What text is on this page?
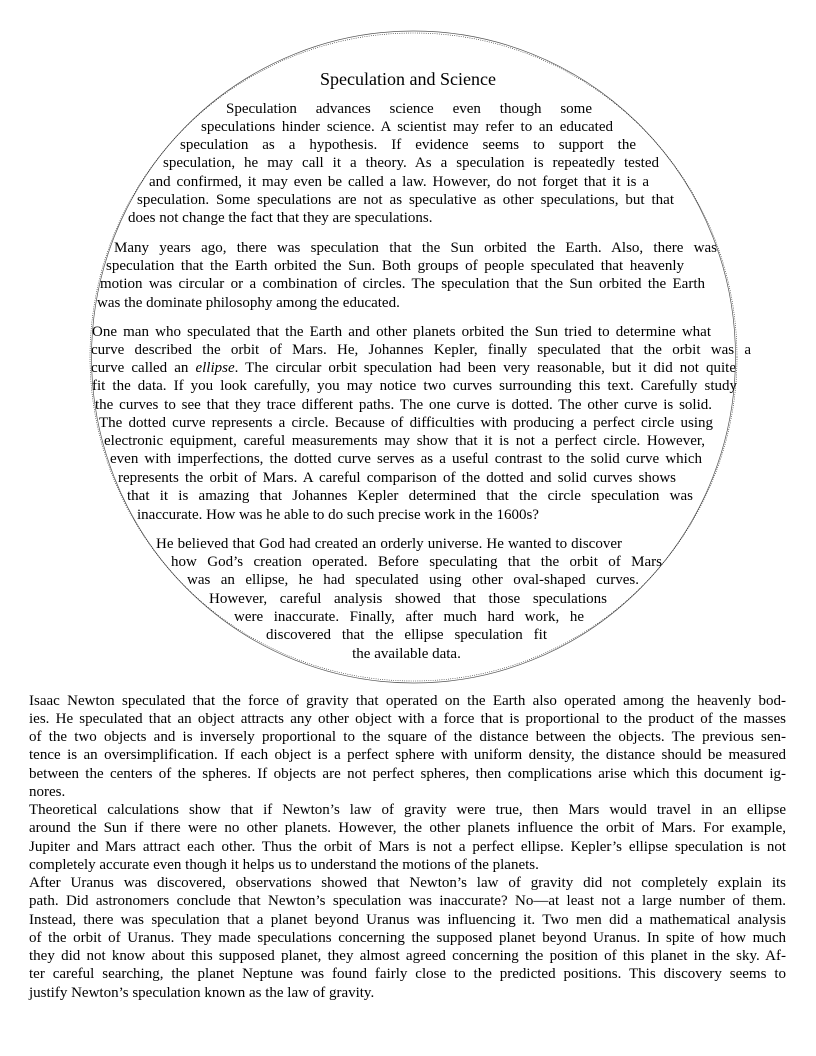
Speculation and Science
Speculation advances science even though some
speculations hinder science. A scientist may refer to an educated
speculation as a hypothesis. If evidence seems to support the
speculation, he may call it a theory. As a speculation is repeatedly tested
and confirmed, it may even be called a law. However, do not forget that it is a
speculation. Some speculations are not as speculative as other speculations, but that
does not change the fact that they are speculations.
Many years ago, there was speculation that the Sun orbited the Earth. Also, there was
speculation that the Earth orbited the Sun. Both groups of people speculated that heavenly
motion was circular or a combination of circles. The speculation that the Sun orbited the Earth
was the dominate philosophy among the educated.
One man who speculated that the Earth and other planets orbited the Sun tried to determine what
curve described the orbit of Mars. He, Johannes Kepler, finally speculated that the orbit was a
curve called an ellipse. The circular orbit speculation had been very reasonable, but it did not quite
fit the data. If you look carefully, you may notice two curves surrounding this text. Carefully study
the curves to see that they trace different paths. The one curve is dotted. The other curve is solid.
The dotted curve represents a circle. Because of difficulties with producing a perfect circle using
electronic equipment, careful measurements may show that it is not a perfect circle. However,
even with imperfections, the dotted curve serves as a useful contrast to the solid curve which
represents the orbit of Mars. A careful comparison of the dotted and solid curves shows
that it is amazing that Johannes Kepler determined that the circle speculation was
inaccurate. How was he able to do such precise work in the 1600s?
He believed that God had created an orderly universe. He wanted to discover
how God’s creation operated. Before speculating that the orbit of Mars
was an ellipse, he had speculated using other oval-shaped curves.
However, careful analysis showed that those speculations
were inaccurate. Finally, after much hard work, he
discovered that the ellipse speculation fit
the available data.
Isaac Newton speculated that the force of gravity that operated on the Earth also operated among the heavenly bod-
ies. He speculated that an object attracts any other object with a force that is proportional to the product of the masses
of the two objects and is inversely proportional to the square of the distance between the objects. The previous sen-
tence is an oversimplification. If each object is a perfect sphere with uniform density, the distance should be measured
between the centers of the spheres. If objects are not perfect spheres, then complications arise which this document ig-
nores.
Theoretical calculations show that if Newton’s law of gravity were true, then Mars would travel in an ellipse
around the Sun if there were no other planets. However, the other planets influence the orbit of Mars. For example,
Jupiter and Mars attract each other. Thus the orbit of Mars is not a perfect ellipse. Kepler’s ellipse speculation is not
completely accurate even though it helps us to understand the motions of the planets.
After Uranus was discovered, observations showed that Newton’s law of gravity did not completely explain its
path. Did astronomers conclude that Newton’s speculation was inaccurate? No—at least not a large number of them.
Instead, there was speculation that a planet beyond Uranus was influencing it. Two men did a mathematical analysis
of the orbit of Uranus. They made speculations concerning the supposed planet beyond Uranus. In spite of how much
they did not know about this supposed planet, they almost agreed concerning the position of this planet in the sky. Af-
ter careful searching, the planet Neptune was found fairly close to the predicted positions. This discovery seems to
justify Newton’s speculation known as the law of gravity.
